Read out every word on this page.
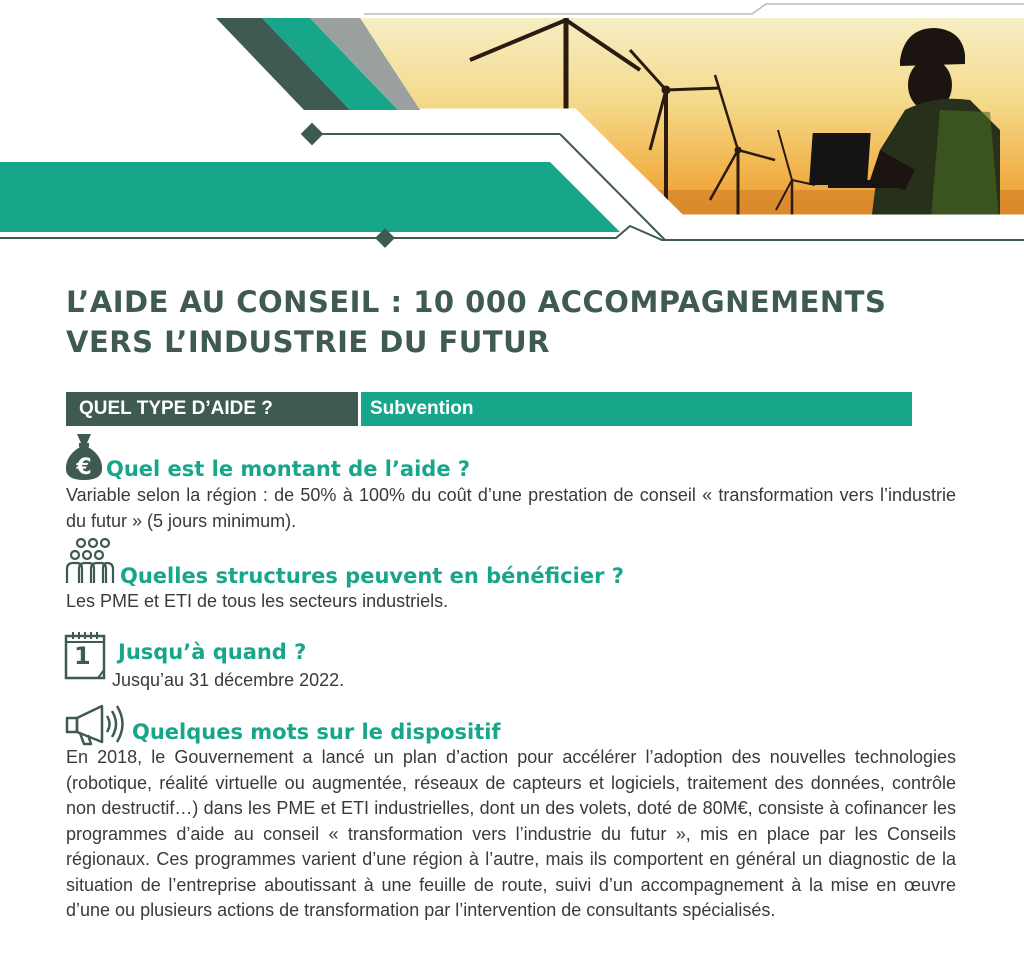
L’AIDE AU CONSEIL : 10 000 ACCOMPAGNEMENTS
VERS L’INDUSTRIE DU FUTUR
QUEL TYPE D’AIDE ?	Subvention
€ Quel est le montant de l’aide ?

Variable selon la région : de 50% à 100% du coût d’une prestation de conseil « transformation vers l’industrie du futur » (5 jours minimum).

Quelles structures peuvent en bénéficier ?

Les PME et ETI de tous les secteurs industriels.

1 Jusqu’à quand ?

Jusqu’au 31 décembre 2022.

Quelques mots sur le dispositif

En 2018, le Gouvernement a lancé un plan d’action pour accélérer l’adoption des nouvelles technologies (robotique, réalité virtuelle ou augmentée, réseaux de capteurs et logiciels, traitement des données, contrôle non destructif…) dans les PME et ETI industrielles, dont un des volets, doté de 80M€, consiste à cofinancer les programmes d’aide au conseil « transformation vers l’industrie du futur », mis en place par les Conseils régionaux. Ces programmes varient d’une région à l’autre, mais ils comportent en général un diagnostic de la situation de l’entreprise aboutissant à une feuille de route, suivi d’un accompagnement à la mise en œuvre d’une ou plusieurs actions de transformation par l’intervention de consultants spécialisés.
